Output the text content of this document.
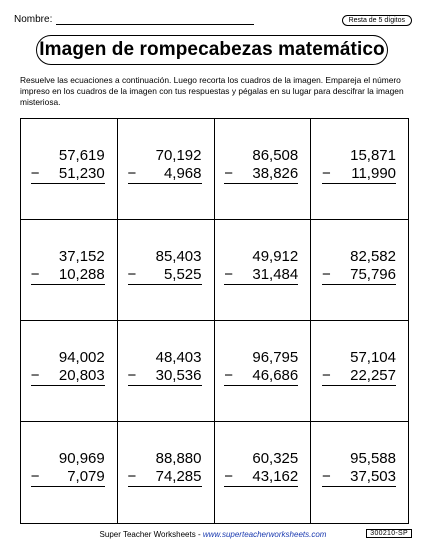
Nombre:	Resta de 5 dígitos
Imagen de rompecabezas matemático
Resuelve las ecuaciones a continuación. Luego recorta los cuadros de la imagen. Empareja el número impreso en los cuadros de la imagen con tus respuestas y pégalas en su lugar para descifrar la imagen misteriosa.
57,619
− 51,230
70,192
− 4,968
86,508
− 38,826
15,871
− 11,990
37,152
− 10,288
85,403
− 5,525
49,912
− 31,484
82,582
− 75,796
94,002
− 20,803
48,403
− 30,536
96,795
− 46,686
57,104
− 22,257
90,969
− 7,079
88,880
− 74,285
60,325
− 43,162
95,588
− 37,503
Super Teacher Worksheets - www.superteacherworksheets.com	300210-SP
